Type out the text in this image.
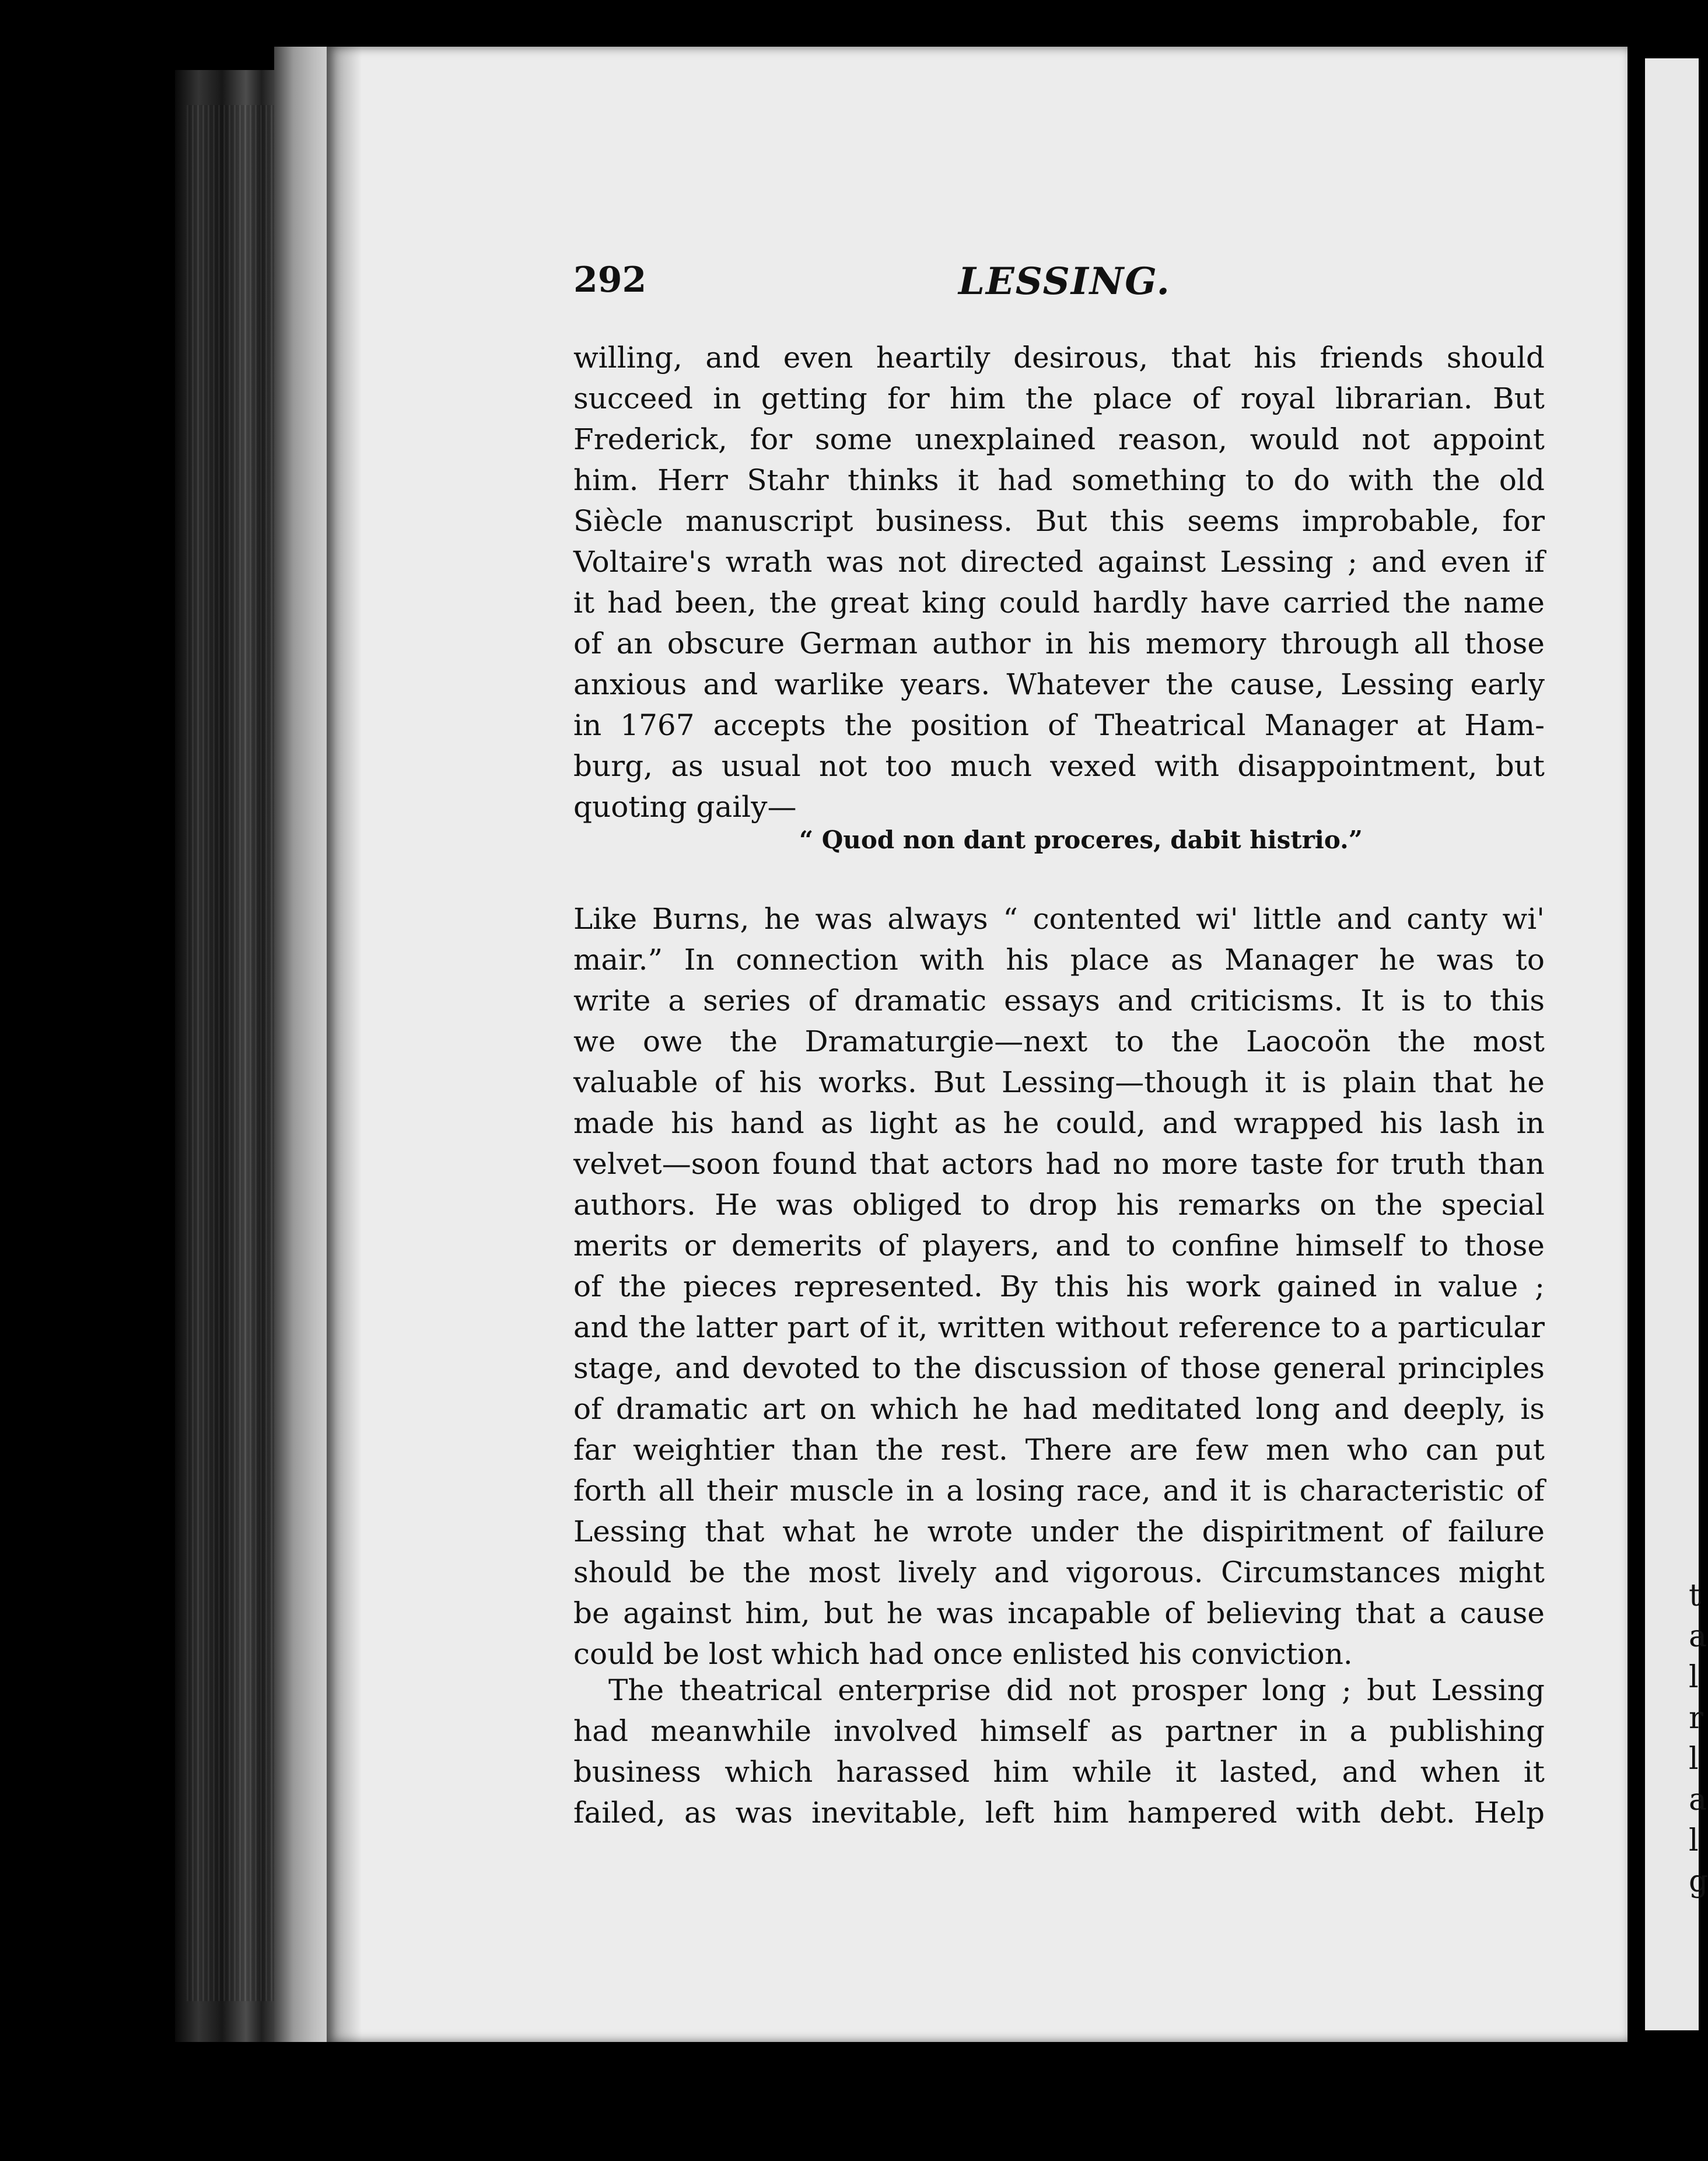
t
a
l
r
l
a
l
g
292	LESSING.
willing, and even heartily desirous, that his friends should
succeed in getting for him the place of royal librarian. But
Frederick, for some unexplained reason, would not appoint
him. Herr Stahr thinks it had something to do with the old
Siècle manuscript business. But this seems improbable, for
Voltaire's wrath was not directed against Lessing ; and even if
it had been, the great king could hardly have carried the name
of an obscure German author in his memory through all those
anxious and warlike years. Whatever the cause, Lessing early
in 1767 accepts the position of Theatrical Manager at Ham-
burg, as usual not too much vexed with disappointment, but
quoting gaily—
“ Quod non dant proceres, dabit histrio.”
Like Burns, he was always “ contented wi' little and canty wi'
mair.” In connection with his place as Manager he was to
write a series of dramatic essays and criticisms. It is to this
we owe the Dramaturgie—next to the Laocoön the most
valuable of his works. But Lessing—though it is plain that he
made his hand as light as he could, and wrapped his lash in
velvet—soon found that actors had no more taste for truth than
authors. He was obliged to drop his remarks on the special
merits or demerits of players, and to confine himself to those
of the pieces represented. By this his work gained in value ;
and the latter part of it, written without reference to a particular
stage, and devoted to the discussion of those general principles
of dramatic art on which he had meditated long and deeply, is
far weightier than the rest. There are few men who can put
forth all their muscle in a losing race, and it is characteristic of
Lessing that what he wrote under the dispiritment of failure
should be the most lively and vigorous. Circumstances might
be against him, but he was incapable of believing that a cause
could be lost which had once enlisted his conviction.
The theatrical enterprise did not prosper long ; but Lessing
had meanwhile involved himself as partner in a publishing
business which harassed him while it lasted, and when it
failed, as was inevitable, left him hampered with debt. Help
